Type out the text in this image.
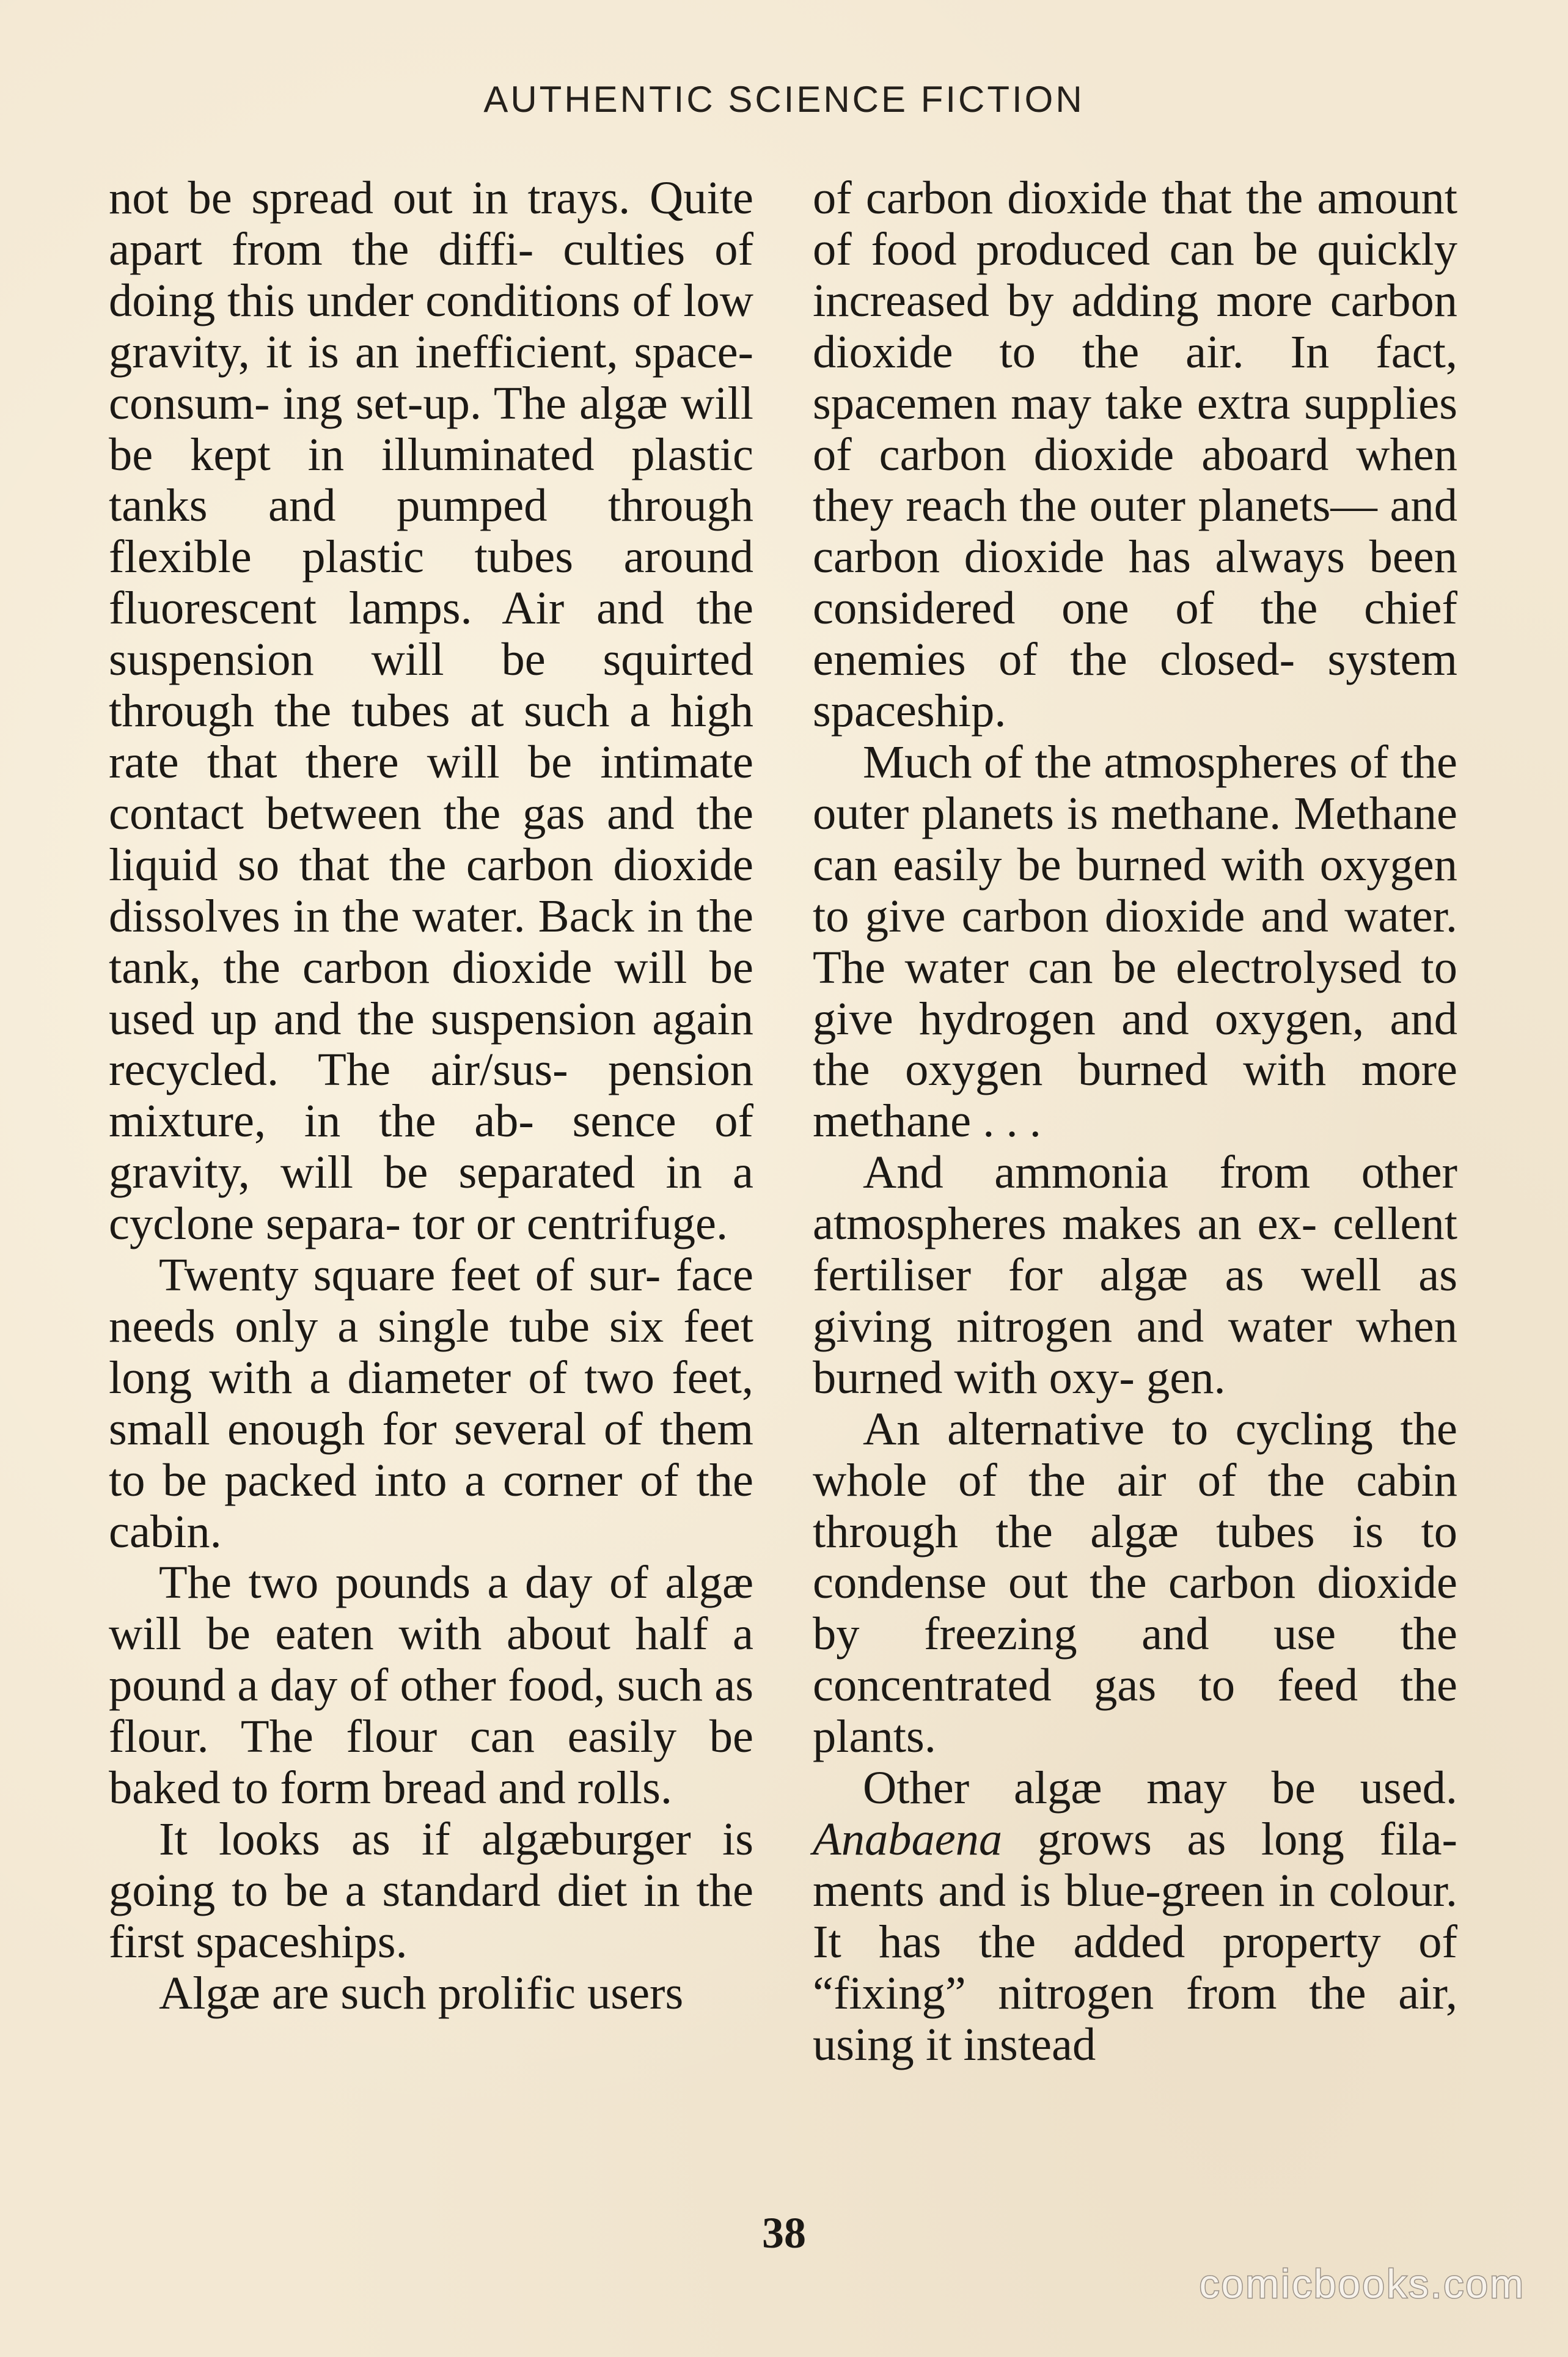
AUTHENTIC SCIENCE FICTION

not be spread out in trays. Quite apart from the diffi- culties of doing this under conditions of low gravity, it is an inefficient, space-consum- ing set-up. The algæ will be kept in illuminated plastic tanks and pumped through flexible plastic tubes around fluorescent lamps. Air and the suspension will be squirted through the tubes at such a high rate that there will be intimate contact between the gas and the liquid so that the carbon dioxide dissolves in the water. Back in the tank, the carbon dioxide will be used up and the suspension again recycled. The air/sus- pension mixture, in the ab- sence of gravity, will be separated in a cyclone separa- tor or centrifuge.

Twenty square feet of sur- face needs only a single tube six feet long with a diameter of two feet, small enough for several of them to be packed into a corner of the cabin.

The two pounds a day of algæ will be eaten with about half a pound a day of other food, such as flour. The flour can easily be baked to form bread and rolls.

It looks as if algæburger is going to be a standard diet in the first spaceships.

Algæ are such prolific users

of carbon dioxide that the amount of food produced can be quickly increased by adding more carbon dioxide to the air. In fact, spacemen may take extra supplies of carbon dioxide aboard when they reach the outer planets— and carbon dioxide has always been considered one of the chief enemies of the closed- system spaceship.

Much of the atmospheres of the outer planets is methane. Methane can easily be burned with oxygen to give carbon dioxide and water. The water can be electrolysed to give hydrogen and oxygen, and the oxygen burned with more methane . . .

And ammonia from other atmospheres makes an ex- cellent fertiliser for algæ as well as giving nitrogen and water when burned with oxy- gen.

An alternative to cycling the whole of the air of the cabin through the algæ tubes is to condense out the carbon dioxide by freezing and use the concentrated gas to feed the plants.

Other algæ may be used. Anabaena grows as long fila- ments and is blue-green in colour. It has the added property of “fixing” nitrogen from the air, using it instead

38
comicbooks.com
